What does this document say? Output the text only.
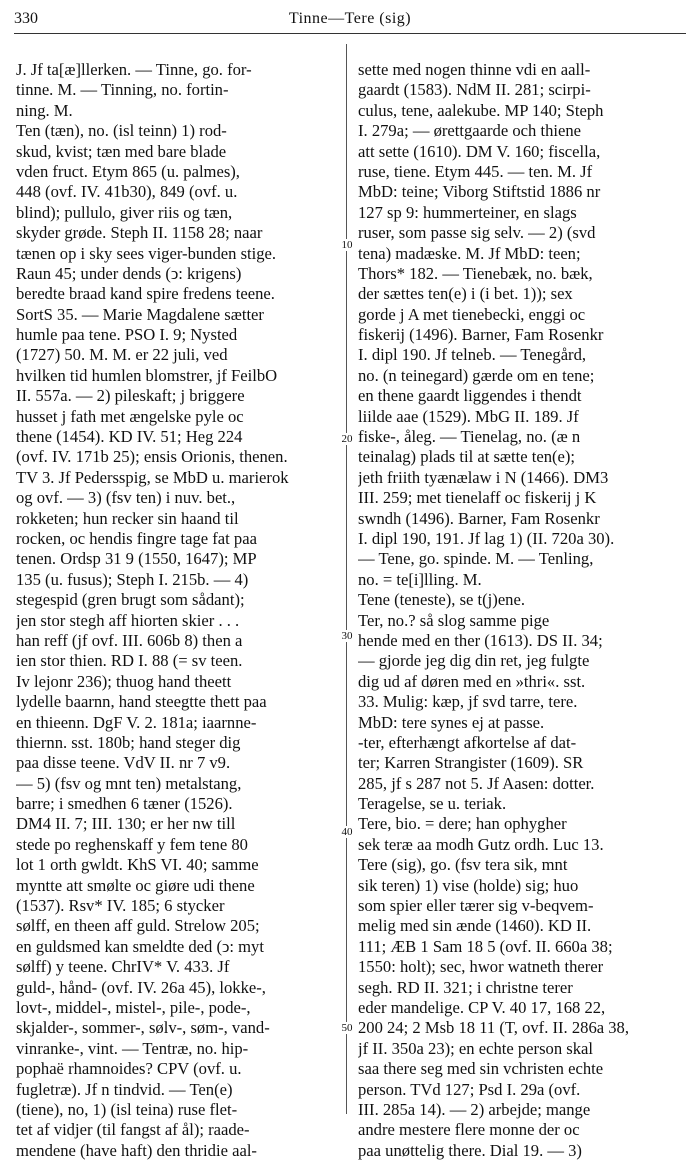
330	Tinne—Tere (sig)
10
20
30
40
50
J. Jf ta[æ]llerken. — Tinne, go. for-
tinne. M. — Tinning, no. fortin-
ning. M.
Ten (tæn), no. (isl teinn) 1) rod-
skud, kvist; tæn med bare blade
vden fruct. Etym 865 (u. palmes),
448 (ovf. IV. 41b30), 849 (ovf. u.
blind); pullulo, giver riis og tæn,
skyder grøde. Steph II. 1158 28; naar
tænen op i sky sees viger-bunden stige.
Raun 45; under dends (ↄ: krigens)
beredte braad kand spire fredens teene.
SortS 35. — Marie Magdalene sætter
humle paa tene. PSO I. 9; Nysted
(1727) 50. M. M. er 22 juli, ved
hvilken tid humlen blomstrer, jf FeilbO
II. 557a. — 2) pileskaft; j briggere
husset j fath met ængelske pyle oc
thene (1454). KD IV. 51; Heg 224
(ovf. IV. 171b 25); ensis Orionis, thenen.
TV 3. Jf Pedersspig, se MbD u. marierok
og ovf. — 3) (fsv ten) i nuv. bet.,
rokketen; hun recker sin haand til
rocken, oc hendis fingre tage fat paa
tenen. Ordsp 31 9 (1550, 1647); MP
135 (u. fusus); Steph I. 215b. — 4)
stegespid (gren brugt som sådant);
jen stor stegh aff hiorten skier . . .
han reff (jf ovf. III. 606b 8) then a
ien stor thien. RD I. 88 (= sv teen.
Iv lejonr 236); thuog hand theett
lydelle baarnn, hand steegtte thett paa
en thieenn. DgF V. 2. 181a; iaarnne-
thiernn. sst. 180b; hand steger dig
paa disse teene. VdV II. nr 7 v9.
— 5) (fsv og mnt ten) metalstang,
barre; i smedhen 6 tæner (1526).
DM4 II. 7; III. 130; er her nw till
stede po reghenskaff y fem tene 80
lot 1 orth gwldt. KhS VI. 40; samme
myntte att smølte oc giøre udi thene
(1537). Rsv* IV. 185; 6 stycker
sølff, en theen aff guld. Strelow 205;
en guldsmed kan smeldte ded (ↄ: myt
sølff) y teene. ChrIV* V. 433. Jf
guld-, hånd- (ovf. IV. 26a 45), lokke-,
lovt-, middel-, mistel-, pile-, pode-,
skjalder-, sommer-, sølv-, søm-, vand-
vinranke-, vint. — Tentræ, no. hip-
pophaë rhamnoides? CPV (ovf. u.
fugletræ). Jf n tindvid. — Ten(e)
(tiene), no, 1) (isl teina) ruse flet-
tet af vidjer (til fangst af ål); raade-
mendene (have haft) den thridie aal-
sette med nogen thinne vdi en aall-
gaardt (1583). NdM II. 281; scirpi-
culus, tene, aalekube. MP 140; Steph
I. 279a; — ørettgaarde och thiene
att sette (1610). DM V. 160; fiscella,
ruse, tiene. Etym 445. — ten. M. Jf
MbD: teine; Viborg Stiftstid 1886 nr
127 sp 9: hummerteiner, en slags
ruser, som passe sig selv. — 2) (svd
tena) madæske. M. Jf MbD: teen;
Thors* 182. — Tienebæk, no. bæk,
der sættes ten(e) i (i bet. 1)); sex
gorde j A met tienebecki, enggi oc
fiskerij (1496). Barner, Fam Rosenkr
I. dipl 190. Jf telneb. — Tenegård,
no. (n teinegard) gærde om en tene;
en thene gaardt liggendes i thendt
liilde aae (1529). MbG II. 189. Jf
fiske-, åleg. — Tienelag, no. (æ n
teinalag) plads til at sætte ten(e);
jeth friith tyænælaw i N (1466). DM3
III. 259; met tienelaff oc fiskerij j K
swndh (1496). Barner, Fam Rosenkr
I. dipl 190, 191. Jf lag 1) (II. 720a 30).
— Tene, go. spinde. M. — Tenling,
no. = te[i]lling. M.
Tene (teneste), se t(j)ene.
Ter, no.? så slog samme pige
hende med en ther (1613). DS II. 34;
— gjorde jeg dig din ret, jeg fulgte
dig ud af døren med en »thri«. sst.
33. Mulig: kæp, jf svd tarre, tere.
MbD: tere synes ej at passe.
-ter, efterhængt afkortelse af dat-
ter; Karren Strangister (1609). SR
285, jf s 287 not 5. Jf Aasen: dotter.
Teragelse, se u. teriak.
Tere, bio. = dere; han ophygher
sek teræ aa modh Gutz ordh. Luc 13.
Tere (sig), go. (fsv tera sik, mnt
sik teren) 1) vise (holde) sig; huo
som spier eller tærer sig v-beqvem-
melig med sin ænde (1460). KD II.
111; ÆB 1 Sam 18 5 (ovf. II. 660a 38;
1550: holt); sec, hwor watneth therer
segh. RD II. 321; i christne terer
eder mandelige. CP V. 40 17, 168 22,
200 24; 2 Msb 18 11 (T, ovf. II. 286a 38,
jf II. 350a 23); en echte person skal
saa there seg med sin vchristen echte
person. TVd 127; Psd I. 29a (ovf.
III. 285a 14). — 2) arbejde; mange
andre mestere flere monne der oc
paa unøttelig there. Dial 19. — 3)
